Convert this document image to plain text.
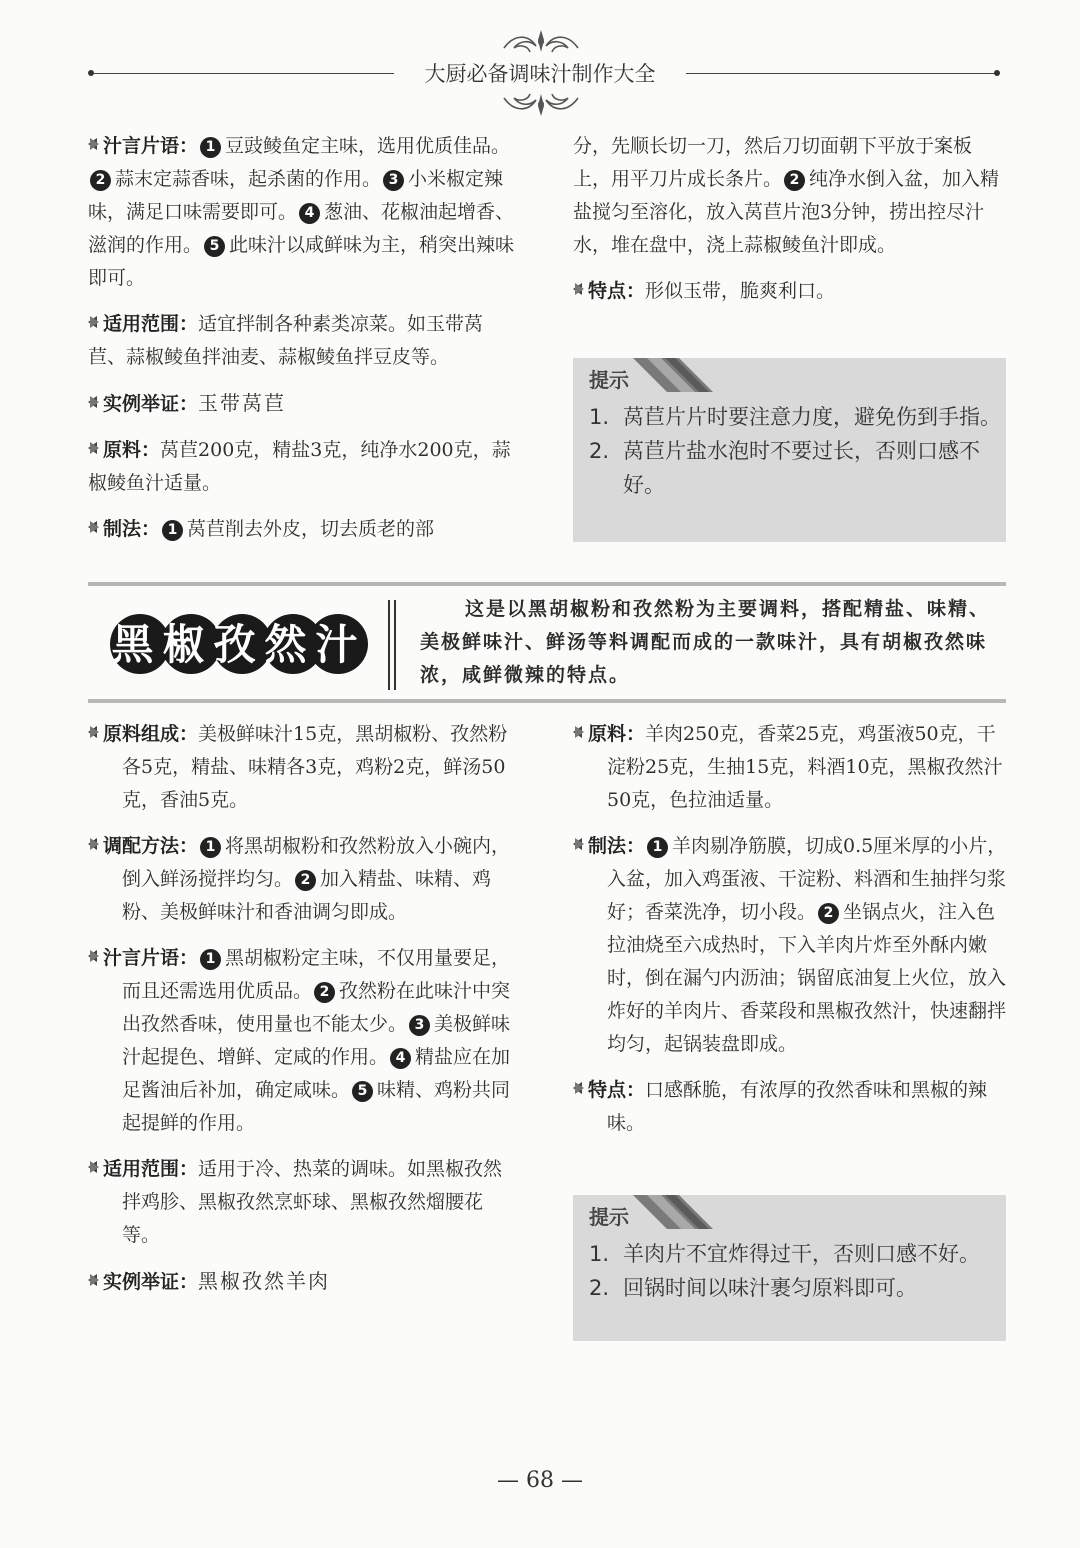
大厨必备调味汁制作大全

汁言片语： 1 豆豉鲮鱼定主味，选用优质佳品。2 蒜末定蒜香味，起杀菌的作用。 3 小米椒定辣味，满足口味需要即可。 4 葱油、花椒油起增香、滋润的作用。 5 此味汁以咸鲜味为主，稍突出辣味即可。

适用范围：适宜拌制各种素类凉菜。如玉带莴苣、蒜椒鲮鱼拌油麦、蒜椒鲮鱼拌豆皮等。

实例举证：玉带莴苣

原料：莴苣200克，精盐3克，纯净水200克，蒜椒鲮鱼汁适量。

制法： 1 莴苣削去外皮，切去质老的部

分，先顺长切一刀，然后刀切面朝下平放于案板上，用平刀片成长条片。 2 纯净水倒入盆，加入精盐搅匀至溶化，放入莴苣片泡3分钟，捞出控尽汁水，堆在盘中，浇上蒜椒鲮鱼汁即成。

特点：形似玉带，脆爽利口。

提示
1. 莴苣片片时要注意力度，避免伤到手指。
2. 莴苣片盐水泡时不要过长，否则口感不好。
黑椒孜然汁
这是以黑胡椒粉和孜然粉为主要调料，搭配精盐、味精、美极鲜味汁、鲜汤等料调配而成的一款味汁，具有胡椒孜然味浓，咸鲜微辣的特点。

原料组成：美极鲜味汁15克，黑胡椒粉、孜然粉各5克，精盐、味精各3克，鸡粉2克，鲜汤50克，香油5克。

调配方法： 1 将黑胡椒粉和孜然粉放入小碗内，倒入鲜汤搅拌均匀。 2 加入精盐、味精、鸡粉、美极鲜味汁和香油调匀即成。

汁言片语： 1 黑胡椒粉定主味，不仅用量要足，而且还需选用优质品。 2 孜然粉在此味汁中突出孜然香味，使用量也不能太少。 3 美极鲜味汁起提色、增鲜、定咸的作用。 4 精盐应在加足酱油后补加，确定咸味。 5 味精、鸡粉共同起提鲜的作用。

适用范围：适用于冷、热菜的调味。如黑椒孜然拌鸡胗、黑椒孜然烹虾球、黑椒孜然熘腰花等。

实例举证：黑椒孜然羊肉

原料：羊肉250克，香菜25克，鸡蛋液50克，干淀粉25克，生抽15克，料酒10克，黑椒孜然汁50克，色拉油适量。

制法： 1 羊肉剔净筋膜，切成0.5厘米厚的小片，入盆，加入鸡蛋液、干淀粉、料酒和生抽拌匀浆好；香菜洗净，切小段。 2 坐锅点火，注入色拉油烧至六成热时，下入羊肉片炸至外酥内嫩时，倒在漏勺内沥油；锅留底油复上火位，放入炸好的羊肉片、香菜段和黑椒孜然汁，快速翻拌均匀，起锅装盘即成。

特点：口感酥脆，有浓厚的孜然香味和黑椒的辣味。

提示
1. 羊肉片不宜炸得过干，否则口感不好。
2. 回锅时间以味汁裹匀原料即可。
— 68 —
